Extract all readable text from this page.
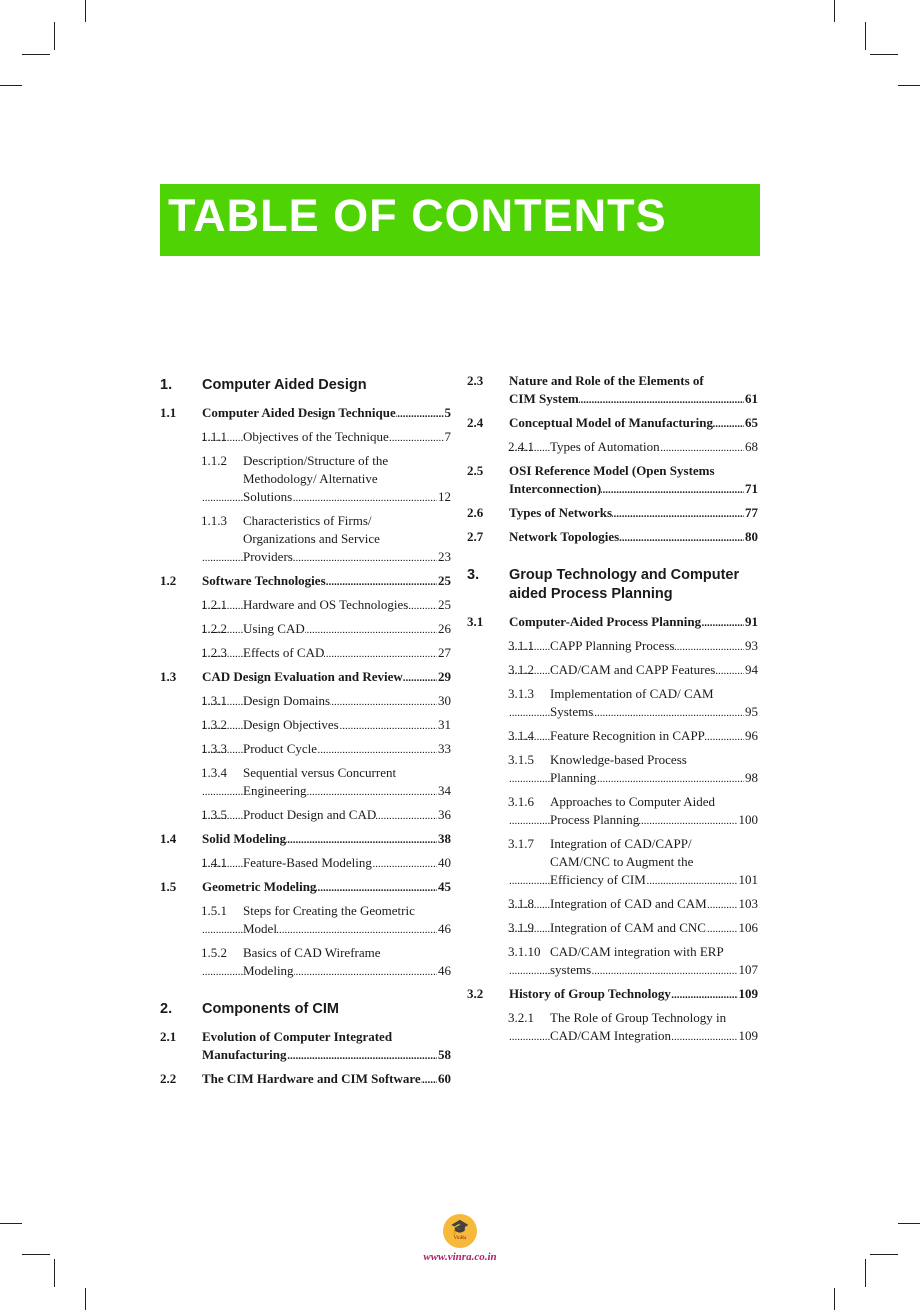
TABLE OF CONTENTS
1.	Computer Aided Design
1.1	Computer Aided Design Technique	5
.....
1.1.1	Objectives of the Technique	7
.....
1.1.2	Description/Structure of the Methodology/ Alternative Solutions	12
.....
1.1.3	Characteristics of Firms/ Organizations and Service Providers	23
.....
1.2	Software Technologies	25
.....
1.2.1	Hardware and OS Technologies 25
.....
1.2.2	Using CAD	26
.....
1.2.3	Effects of CAD	27
.....
1.3	CAD Design Evaluation and Review	29
.....
1.3.1	Design Domains	30
.....
1.3.2	Design Objectives	31
.....
1.3.3	Product Cycle	33
.....
1.3.4	Sequential versus Concurrent Engineering	34
.....
1.3.5	Product Design and CAD	36
.....
1.4	Solid Modeling	38
.....
1.4.1	Feature-Based Modeling	40
.....
1.5	Geometric Modeling	45
.....
1.5.1	Steps for Creating the Geometric Model	46
.....
1.5.2	Basics of CAD Wireframe Modeling	46
.....
2.	Components of CIM
2.1	Evolution of Computer Integrated Manufacturing	58
.....
2.2	The CIM Hardware and CIM Software 60
.....
2.3	Nature and Role of the Elements of CIM System	61
.....
2.4	Conceptual Model of Manufacturing 65
.....
2.4.1	Types of Automation	68
.....
2.5	OSI Reference Model (Open Systems Interconnection)	71
.....
2.6	Types of Networks	77
.....
2.7	Network Topologies	80
.....
3.	Group Technology and Computer aided Process Planning
3.1	Computer-Aided Process Planning	91
.....
3.1.1	CAPP Planning Process	93
.....
3.1.2	CAD/CAM and CAPP Features 94
.....
3.1.3	Implementation of CAD/ CAM Systems	95
.....
3.1.4	Feature Recognition in CAPP	96
.....
3.1.5	Knowledge-based Process Planning	98
.....
3.1.6	Approaches to Computer Aided Process Planning	100
.....
3.1.7	Integration of CAD/CAPP/ CAM/CNC to Augment the Efficiency of CIM	101
.....
3.1.8	Integration of CAD and CAM 103
.....
3.1.9	Integration of CAM and CNC	106
.....
3.1.10 CAD/CAM integration with ERP systems	107
.....
3.2	History of Group Technology	109
.....
3.2.1	The Role of Group Technology in CAD/CAM Integration	109
.....
🎓
VinRa
www.vinra.co.in
